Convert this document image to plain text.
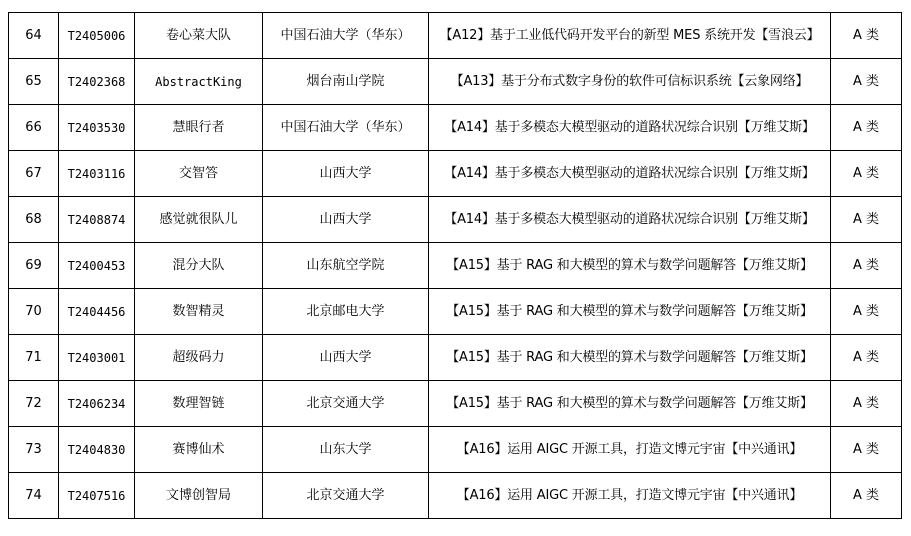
64	T2405006	卷心菜大队	中国石油大学（华东）	【A12】基于工业低代码开发平台的新型 MES 系统开发【雪浪云】	A 类
65	T2402368	AbstractKing	烟台南山学院	【A13】基于分布式数字身份的软件可信标识系统【云象网络】	A 类
66	T2403530	慧眼行者	中国石油大学（华东）	【A14】基于多模态大模型驱动的道路状况综合识别【万维艾斯】	A 类
67	T2403116	交智答	山西大学	【A14】基于多模态大模型驱动的道路状况综合识别【万维艾斯】	A 类
68	T2408874	感觉就很队儿	山西大学	【A14】基于多模态大模型驱动的道路状况综合识别【万维艾斯】	A 类
69	T2400453	混分大队	山东航空学院	【A15】基于 RAG 和大模型的算术与数学问题解答【万维艾斯】	A 类
70	T2404456	数智精灵	北京邮电大学	【A15】基于 RAG 和大模型的算术与数学问题解答【万维艾斯】	A 类
71	T2403001	超级码力	山西大学	【A15】基于 RAG 和大模型的算术与数学问题解答【万维艾斯】	A 类
72	T2406234	数理智链	北京交通大学	【A15】基于 RAG 和大模型的算术与数学问题解答【万维艾斯】	A 类
73	T2404830	赛博仙术	山东大学	【A16】运用 AIGC 开源工具，打造文博元宇宙【中兴通讯】	A 类
74	T2407516	文博创智局	北京交通大学	【A16】运用 AIGC 开源工具，打造文博元宇宙【中兴通讯】	A 类
